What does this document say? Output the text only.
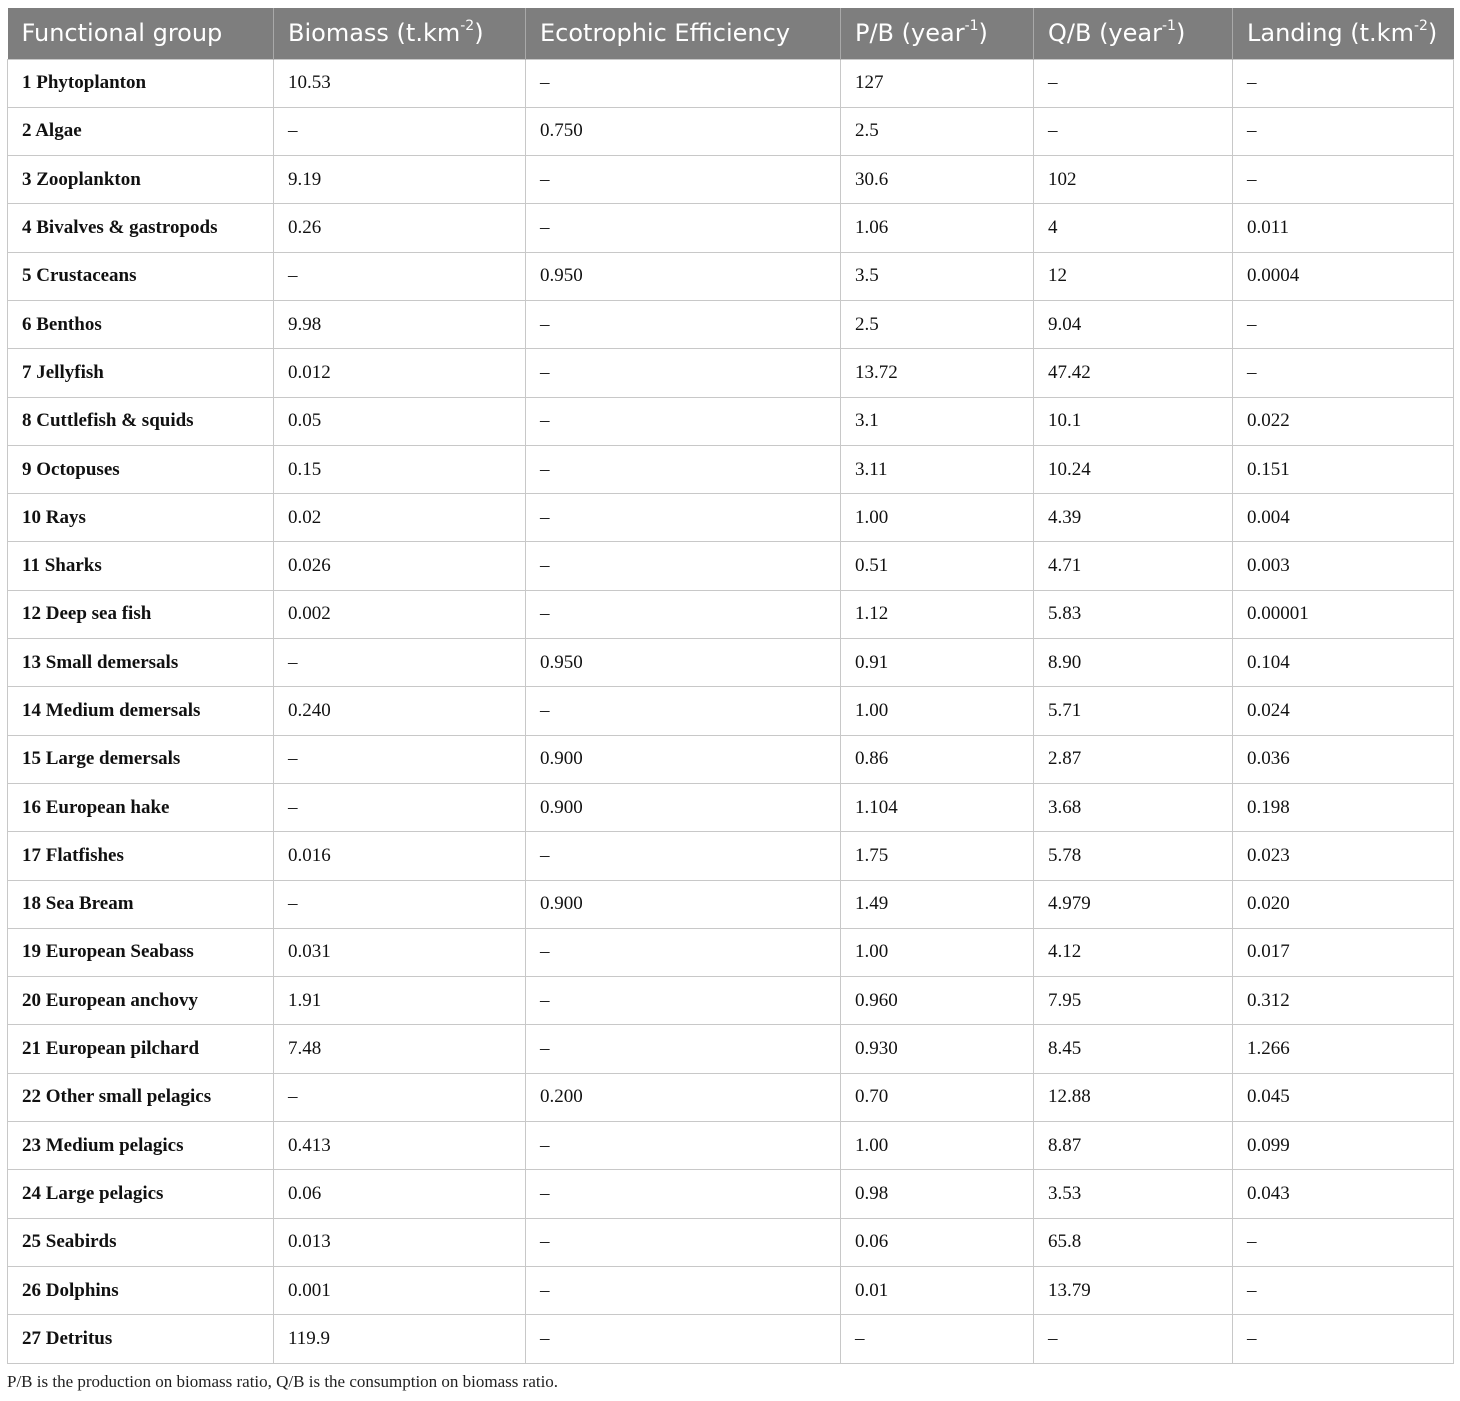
Functional group	Biomass $(t.km^{-2})$	Ecotrophic Efficiency	P/B (year$^{-1}$)	Q/B (year$^{-1}$)	Landing $(t.km^{-2})$
1 Phytoplanton	10.53	–	127	–	–
2 Algae	–	0.750	2.5	–	–
3 Zooplankton	9.19	–	30.6	102	–
4 Bivalves & gastropods	0.26	–	1.06	4	0.011
5 Crustaceans	–	0.950	3.5	12	0.0004
6 Benthos	9.98	–	2.5	9.04	–
7 Jellyfish	0.012	–	13.72	47.42	–
8 Cuttlefish & squids	0.05	–	3.1	10.1	0.022
9 Octopuses	0.15	–	3.11	10.24	0.151
10 Rays	0.02	–	1.00	4.39	0.004
11 Sharks	0.026	–	0.51	4.71	0.003
12 Deep sea fish	0.002	–	1.12	5.83	0.00001
13 Small demersals	–	0.950	0.91	8.90	0.104
14 Medium demersals	0.240	–	1.00	5.71	0.024
15 Large demersals	–	0.900	0.86	2.87	0.036
16 European hake	–	0.900	1.104	3.68	0.198
17 Flatfishes	0.016	–	1.75	5.78	0.023
18 Sea Bream	–	0.900	1.49	4.979	0.020
19 European Seabass	0.031	–	1.00	4.12	0.017
20 European anchovy	1.91	–	0.960	7.95	0.312
21 European pilchard	7.48	–	0.930	8.45	1.266
22 Other small pelagics	–	0.200	0.70	12.88	0.045
23 Medium pelagics	0.413	–	1.00	8.87	0.099
24 Large pelagics	0.06	–	0.98	3.53	0.043
25 Seabirds	0.013	–	0.06	65.8	–
26 Dolphins	0.001	–	0.01	13.79	–
27 Detritus	119.9	–	–	–	–
P/B is the production on biomass ratio, Q/B is the consumption on biomass ratio.
